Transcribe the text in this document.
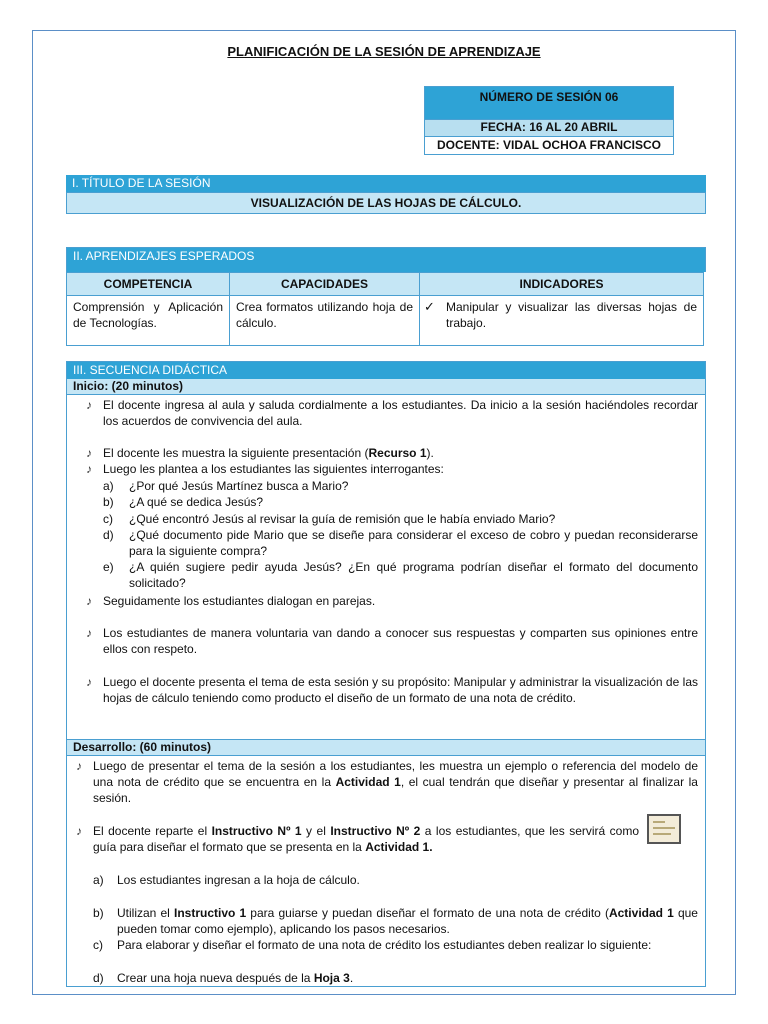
PLANIFICACIÓN DE LA SESIÓN DE APRENDIZAJE
NÚMERO DE SESIÓN 06
FECHA: 16 AL 20 ABRIL
DOCENTE: VIDAL OCHOA FRANCISCO
I. TÍTULO DE LA SESIÓN
VISUALIZACIÓN DE LAS HOJAS DE CÁLCULO.
II. APRENDIZAJES ESPERADOS
COMPETENCIA	CAPACIDADES	INDICADORES
Comprensión y Aplicación de Tecnologías.	Crea formatos utilizando hoja de cálculo.	✓ Manipular y visualizar las diversas hojas de trabajo.
III. SECUENCIA DIDÁCTICA
Inicio: (20 minutos)
♪ El docente ingresa al aula y saluda cordialmente a los estudiantes. Da inicio a la sesión haciéndoles recordar los acuerdos de convivencia del aula.
♪ El docente les muestra la siguiente presentación (Recurso 1).
♪ Luego les plantea a los estudiantes las siguientes interrogantes:
a) ¿Por qué Jesús Martínez busca a Mario?
b) ¿A qué se dedica Jesús?
c) ¿Qué encontró Jesús al revisar la guía de remisión que le había enviado Mario?
d) ¿Qué documento pide Mario que se diseñe para considerar el exceso de cobro y puedan reconsiderarse para la siguiente compra?
e) ¿A quién sugiere pedir ayuda Jesús? ¿En qué programa podrían diseñar el formato del documento solicitado?
♪ Seguidamente los estudiantes dialogan en parejas.
♪ Los estudiantes de manera voluntaria van dando a conocer sus respuestas y comparten sus opiniones entre ellos con respeto.
♪ Luego el docente presenta el tema de esta sesión y su propósito: Manipular y administrar la visualización de las hojas de cálculo teniendo como producto el diseño de un formato de una nota de crédito.
Desarrollo: (60 minutos)
♪ Luego de presentar el tema de la sesión a los estudiantes, les muestra un ejemplo o referencia del modelo de una nota de crédito que se encuentra en la Actividad 1, el cual tendrán que diseñar y presentar al finalizar la sesión.
♪ El docente reparte el Instructivo Nº 1 y el Instructivo Nº 2 a los estudiantes, que les servirá como guía para diseñar el formato que se presenta en la Actividad 1.
a) Los estudiantes ingresan a la hoja de cálculo.
b) Utilizan el Instructivo 1 para guiarse y puedan diseñar el formato de una nota de crédito (Actividad 1 que pueden tomar como ejemplo), aplicando los pasos necesarios.
c) Para elaborar y diseñar el formato de una nota de crédito los estudiantes deben realizar lo siguiente:
d) Crear una hoja nueva después de la Hoja 3.
